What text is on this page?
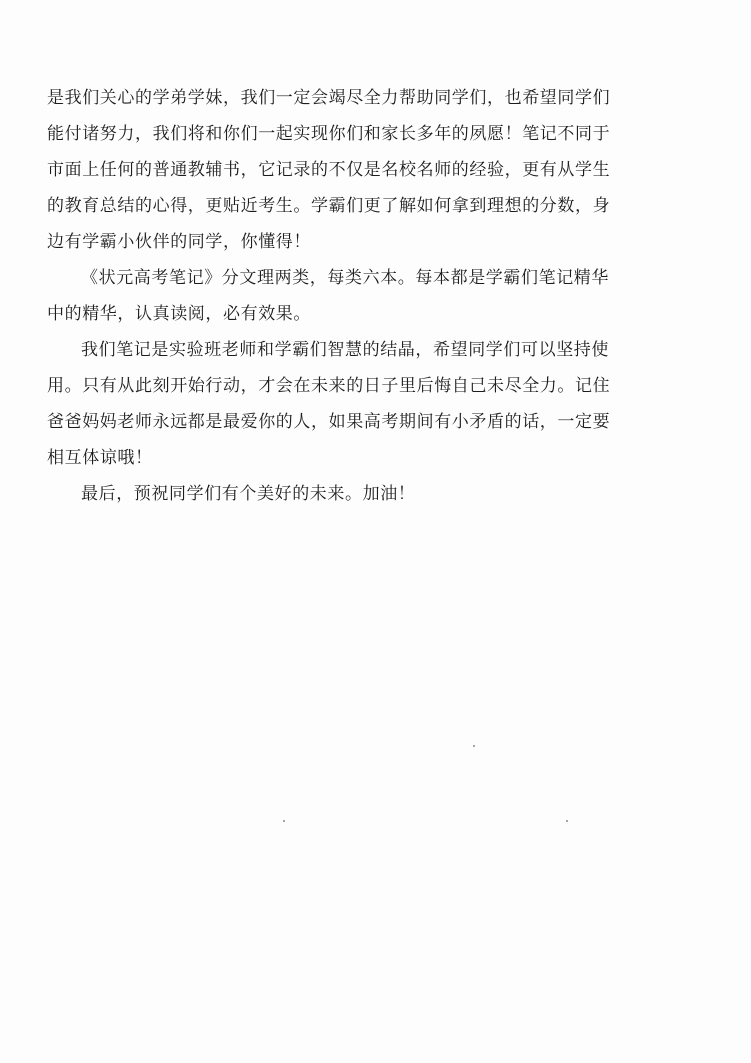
是我们关心的学弟学妹，我们一定会竭尽全力帮助同学们，也希望同学们
能付诸努力，我们将和你们一起实现你们和家长多年的夙愿！笔记不同于
市面上任何的普通教辅书，它记录的不仅是名校名师的经验，更有从学生
的教育总结的心得，更贴近考生。学霸们更了解如何拿到理想的分数，身
边有学霸小伙伴的同学，你懂得！
《状元高考笔记》分文理两类，每类六本。每本都是学霸们笔记精华
中的精华，认真读阅，必有效果。
我们笔记是实验班老师和学霸们智慧的结晶，希望同学们可以坚持使
用。只有从此刻开始行动，才会在未来的日子里后悔自己未尽全力。记住
爸爸妈妈老师永远都是最爱你的人，如果高考期间有小矛盾的话，一定要
相互体谅哦！
最后，预祝同学们有个美好的未来。加油！
